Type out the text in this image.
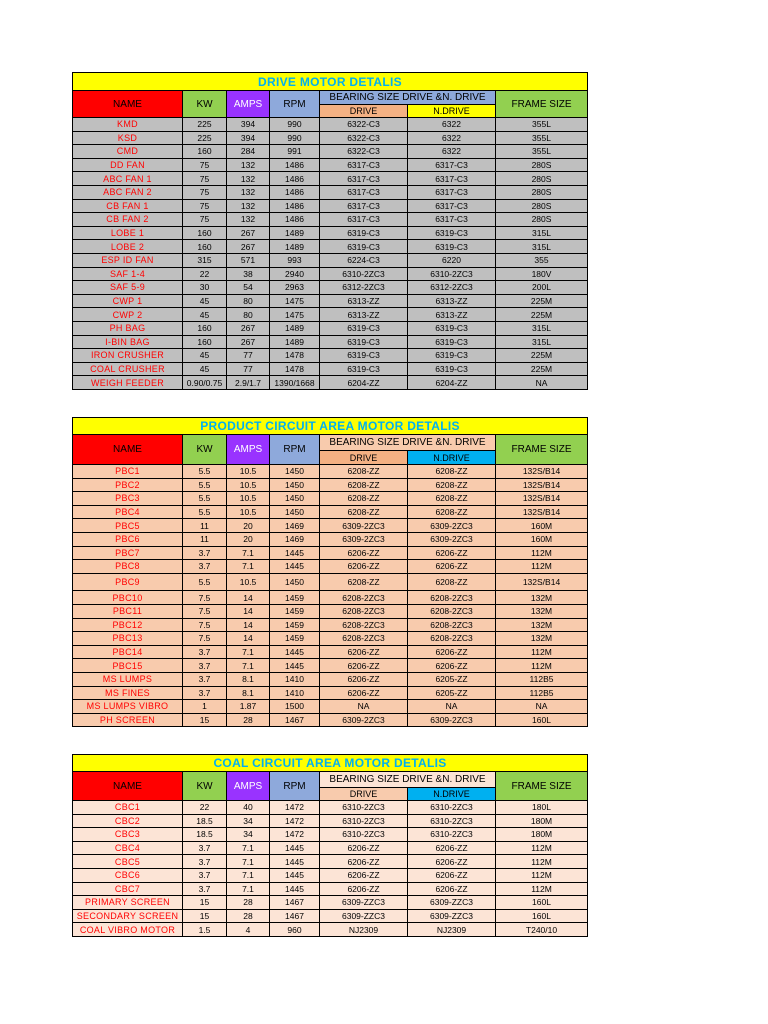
DRIVE MOTOR DETALIS						
NAME	KW	AMPS	RPM	BEARING SIZE DRIVE &N. DRIVE		FRAME SIZE
				DRIVE	N.DRIVE	
KMD	225	394	990	6322-C3	6322	355L
KSD	225	394	990	6322-C3	6322	355L
CMD	160	284	991	6322-C3	6322	355L
DD FAN	75	132	1486	6317-C3	6317-C3	280S
ABC FAN 1	75	132	1486	6317-C3	6317-C3	280S
ABC FAN 2	75	132	1486	6317-C3	6317-C3	280S
CB FAN 1	75	132	1486	6317-C3	6317-C3	280S
CB FAN 2	75	132	1486	6317-C3	6317-C3	280S
LOBE 1	160	267	1489	6319-C3	6319-C3	315L
LOBE 2	160	267	1489	6319-C3	6319-C3	315L
ESP ID FAN	315	571	993	6224-C3	6220	355
SAF 1-4	22	38	2940	6310-2ZC3	6310-2ZC3	180V
SAF 5-9	30	54	2963	6312-2ZC3	6312-2ZC3	200L
CWP 1	45	80	1475	6313-ZZ	6313-ZZ	225M
CWP 2	45	80	1475	6313-ZZ	6313-ZZ	225M
PH BAG	160	267	1489	6319-C3	6319-C3	315L
I-BIN BAG	160	267	1489	6319-C3	6319-C3	315L
IRON CRUSHER	45	77	1478	6319-C3	6319-C3	225M
COAL CRUSHER	45	77	1478	6319-C3	6319-C3	225M
WEIGH FEEDER	0.90/0.75	2.9/1.7	1390/1668	6204-ZZ	6204-ZZ	NA
PRODUCT CIRCUIT AREA MOTOR DETALIS						
NAME	KW	AMPS	RPM	BEARING SIZE DRIVE &N. DRIVE		FRAME SIZE
				DRIVE	N.DRIVE	
PBC1	5.5	10.5	1450	6208-ZZ	6208-ZZ	132S/B14
PBC2	5.5	10.5	1450	6208-ZZ	6208-ZZ	132S/B14
PBC3	5.5	10.5	1450	6208-ZZ	6208-ZZ	132S/B14
PBC4	5.5	10.5	1450	6208-ZZ	6208-ZZ	132S/B14
PBC5	11	20	1469	6309-2ZC3	6309-2ZC3	160M
PBC6	11	20	1469	6309-2ZC3	6309-2ZC3	160M
PBC7	3.7	7.1	1445	6206-ZZ	6206-ZZ	112M
PBC8	3.7	7.1	1445	6206-ZZ	6206-ZZ	112M
PBC9	5.5	10.5	1450	6208-ZZ	6208-ZZ	132S/B14
PBC10	7.5	14	1459	6208-2ZC3	6208-2ZC3	132M
PBC11	7.5	14	1459	6208-2ZC3	6208-2ZC3	132M
PBC12	7.5	14	1459	6208-2ZC3	6208-2ZC3	132M
PBC13	7.5	14	1459	6208-2ZC3	6208-2ZC3	132M
PBC14	3.7	7.1	1445	6206-ZZ	6206-ZZ	112M
PBC15	3.7	7.1	1445	6206-ZZ	6206-ZZ	112M
MS LUMPS	3.7	8.1	1410	6206-ZZ	6205-ZZ	112B5
MS FINES	3.7	8.1	1410	6206-ZZ	6205-ZZ	112B5
MS LUMPS VIBRO	1	1.87	1500	NA	NA	NA
PH SCREEN	15	28	1467	6309-2ZC3	6309-2ZC3	160L
COAL CIRCUIT AREA MOTOR DETALIS						
NAME	KW	AMPS	RPM	BEARING SIZE DRIVE &N. DRIVE		FRAME SIZE
				DRIVE	N.DRIVE	
CBC1	22	40	1472	6310-2ZC3	6310-2ZC3	180L
CBC2	18.5	34	1472	6310-2ZC3	6310-2ZC3	180M
CBC3	18.5	34	1472	6310-2ZC3	6310-2ZC3	180M
CBC4	3.7	7.1	1445	6206-ZZ	6206-ZZ	112M
CBC5	3.7	7.1	1445	6206-ZZ	6206-ZZ	112M
CBC6	3.7	7.1	1445	6206-ZZ	6206-ZZ	112M
CBC7	3.7	7.1	1445	6206-ZZ	6206-ZZ	112M
PRIMARY SCREEN	15	28	1467	6309-ZZC3	6309-ZZC3	160L
SECONDARY SCREEN	15	28	1467	6309-ZZC3	6309-ZZC3	160L
COAL VIBRO MOTOR	1.5	4	960	NJ2309	NJ2309	T240/10
